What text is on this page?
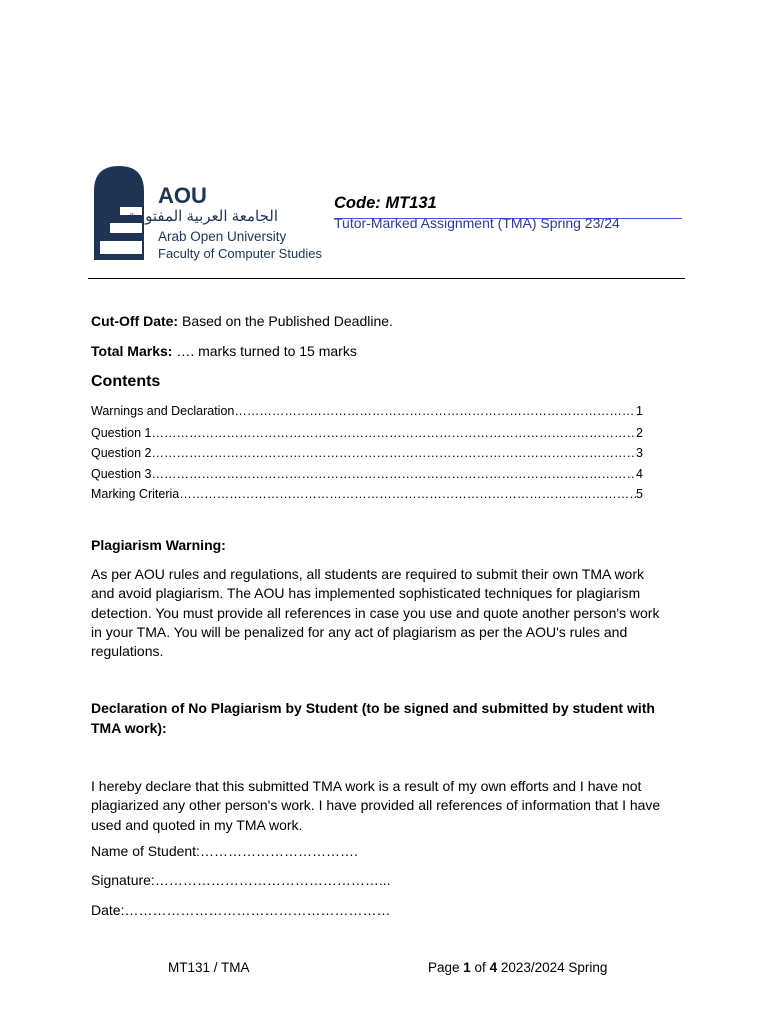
AOU
الجامعة العربية المفتوحة
Arab Open University
Faculty of Computer Studies
Code: MT131
Tutor-Marked Assignment (TMA) Spring 23/24
Cut-Off Date: Based on the Published Deadline.
Total Marks: …. marks turned to 15 marks
Contents
Warnings and Declaration ………………………………………………………………………………………………………………………………………………………………	1
Question 1 ………………………………………………………………………………………………………………………………………………………………	2
Question 2 ………………………………………………………………………………………………………………………………………………………………	3
Question 3 ………………………………………………………………………………………………………………………………………………………………	4
Marking Criteria ………………………………………………………………………………………………………………………………………………………………	5
Plagiarism Warning:
As per AOU rules and regulations, all students are required to submit their own TMA work and avoid plagiarism. The AOU has implemented sophisticated techniques for plagiarism detection. You must provide all references in case you use and quote another person's work in your TMA. You will be penalized for any act of plagiarism as per the AOU's rules and regulations.
Declaration of No Plagiarism by Student (to be signed and submitted by student with TMA work):
I hereby declare that this submitted TMA work is a result of my own efforts and I have not plagiarized any other person's work. I have provided all references of information that I have used and quoted in my TMA work.
Name of Student:…………………………….
Signature:…………………………………………...
Date:…………………………………………………
MT131 / TMA	Page 1 of 4 2023/2024 Spring
